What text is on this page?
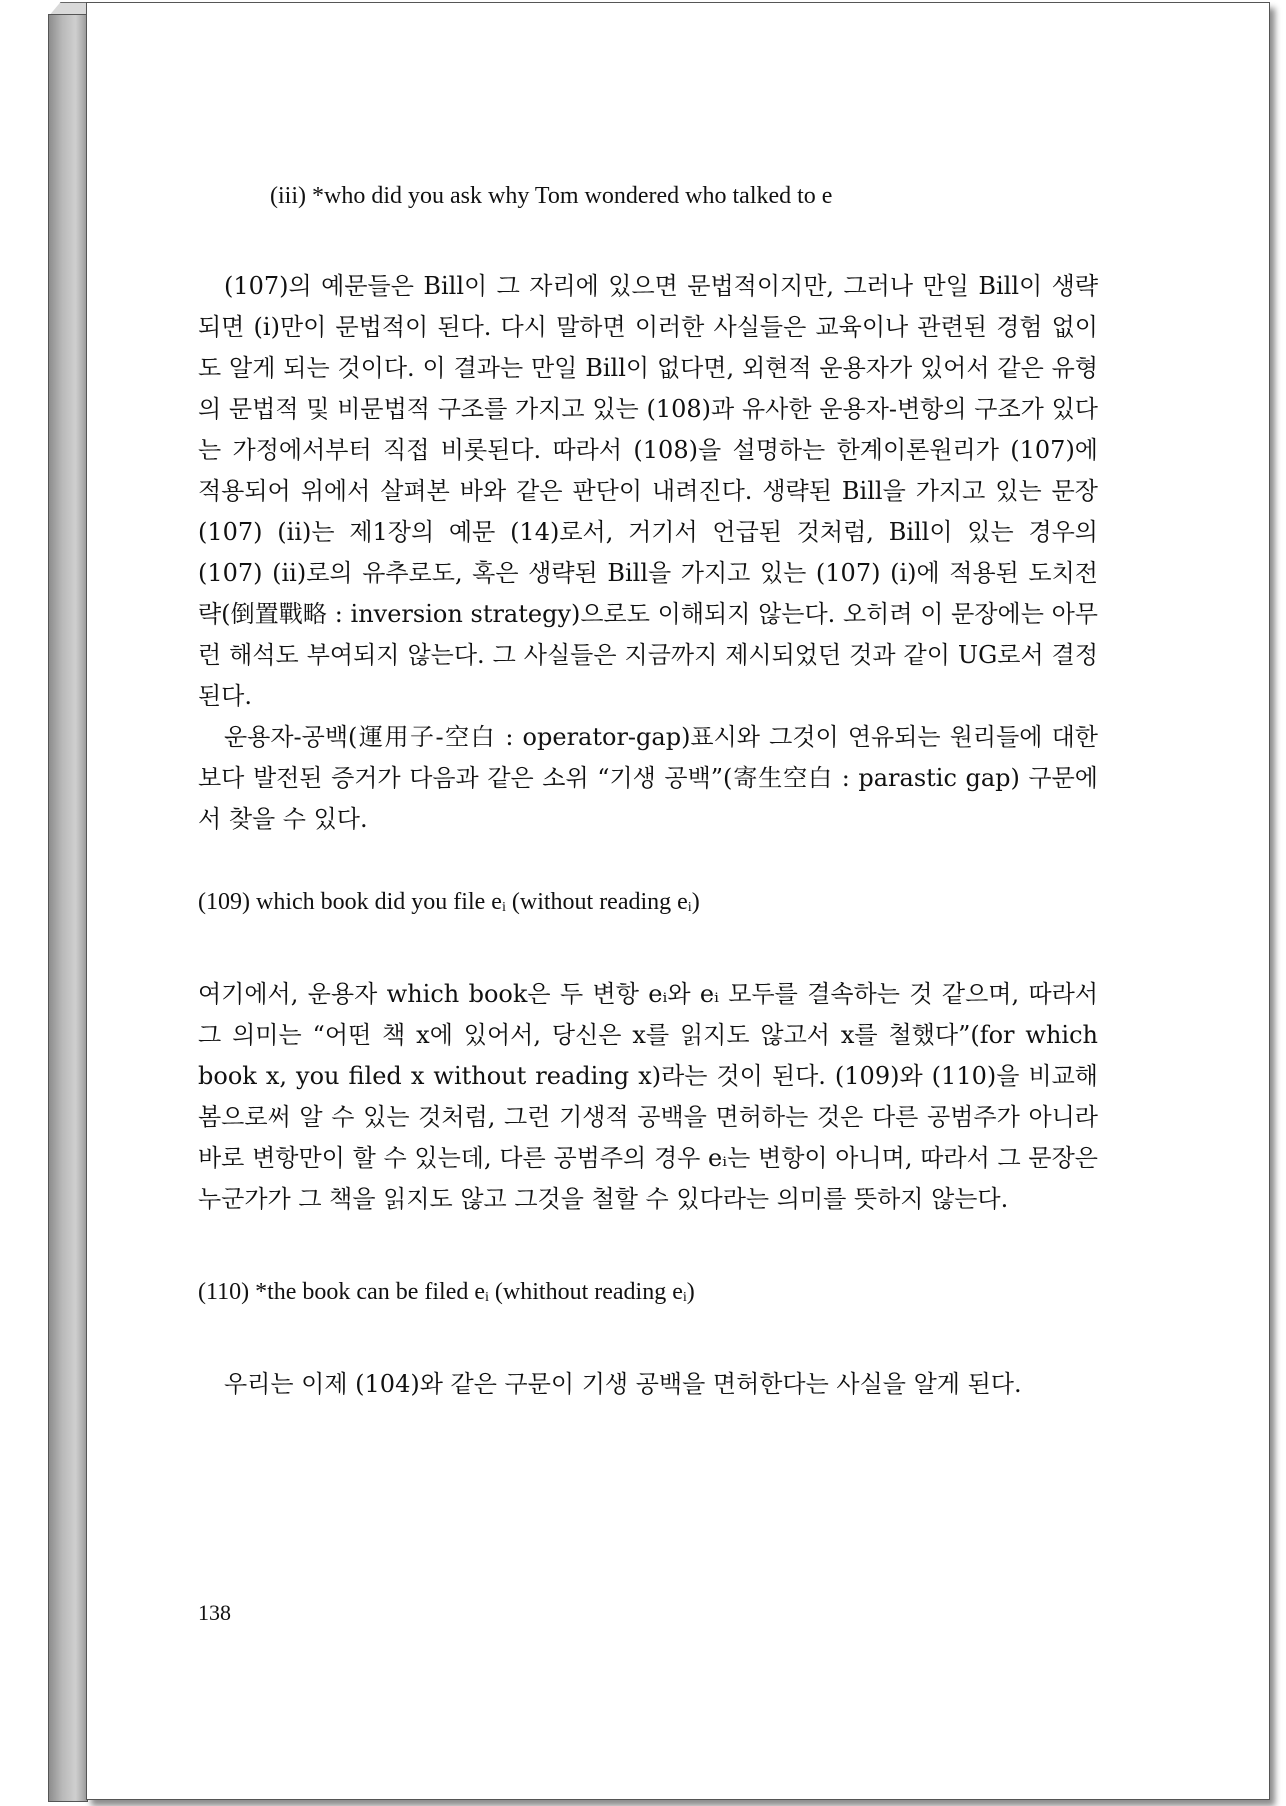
(iii) *who did you ask why Tom wondered who talked to e

(107)의 예문들은 Bill이 그 자리에 있으면 문법적이지만, 그러나 만일 Bill이 생략되면 (i)만이 문법적이 된다. 다시 말하면 이러한 사실들은 교육이나 관련된 경험 없이도 알게 되는 것이다. 이 결과는 만일 Bill이 없다면, 외현적 운용자가 있어서 같은 유형의 문법적 및 비문법적 구조를 가지고 있는 (108)과 유사한 운용자-변항의 구조가 있다는 가정에서부터 직접 비롯된다. 따라서 (108)을 설명하는 한계이론원리가 (107)에 적용되어 위에서 살펴본 바와 같은 판단이 내려진다. 생략된 Bill을 가지고 있는 문장 (107) (ii)는 제1장의 예문 (14)로서, 거기서 언급된 것처럼, Bill이 있는 경우의 (107) (ii)로의 유추로도, 혹은 생략된 Bill을 가지고 있는 (107) (i)에 적용된 도치전략(倒置戰略 : inversion strategy)으로도 이해되지 않는다. 오히려 이 문장에는 아무런 해석도 부여되지 않는다. 그 사실들은 지금까지 제시되었던 것과 같이 UG로서 결정된다.

운용자-공백(運用子-空白 : operator-gap)표시와 그것이 연유되는 원리들에 대한 보다 발전된 증거가 다음과 같은 소위 “기생 공백”(寄生空白 : parastic gap) 구문에서 찾을 수 있다.

(109) which book did you file eᵢ (without reading eᵢ)

여기에서, 운용자 which book은 두 변항 eᵢ와 eᵢ 모두를 결속하는 것 같으며, 따라서 그 의미는 “어떤 책 x에 있어서, 당신은 x를 읽지도 않고서 x를 철했다”(for which book x, you filed x without reading x)라는 것이 된다. (109)와 (110)을 비교해 봄으로써 알 수 있는 것처럼, 그런 기생적 공백을 면허하는 것은 다른 공범주가 아니라 바로 변항만이 할 수 있는데, 다른 공범주의 경우 eᵢ는 변항이 아니며, 따라서 그 문장은 누군가가 그 책을 읽지도 않고 그것을 철할 수 있다라는 의미를 뜻하지 않는다.

(110) *the book can be filed eᵢ (whithout reading eᵢ)

우리는 이제 (104)와 같은 구문이 기생 공백을 면허한다는 사실을 알게 된다.

138
